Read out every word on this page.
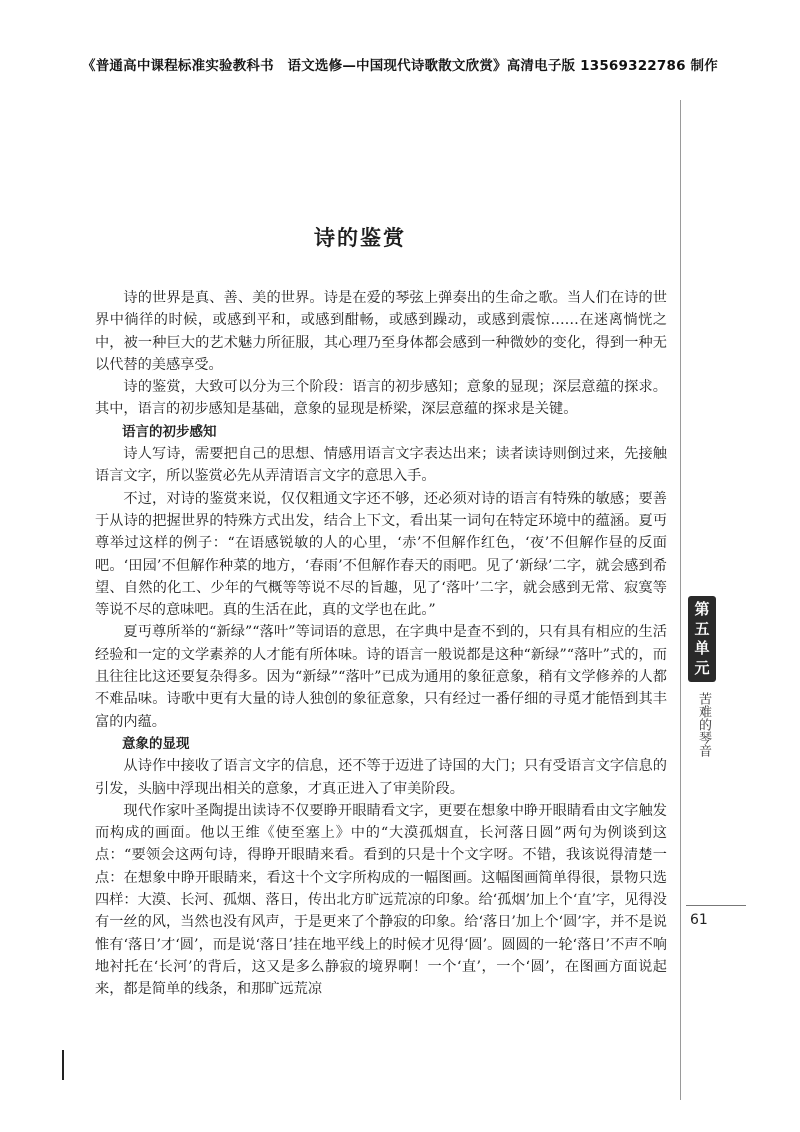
《普通高中课程标准实验教科书　语文选修—中国现代诗歌散文欣赏》高清电子版 13569322786 制作
诗的鉴赏

诗的世界是真、善、美的世界。诗是在爱的琴弦上弹奏出的生命之歌。当人们在诗的世界中徜徉的时候，或感到平和，或感到酣畅，或感到躁动，或感到震惊……在迷离惝恍之中，被一种巨大的艺术魅力所征服，其心理乃至身体都会感到一种微妙的变化，得到一种无以代替的美感享受。

诗的鉴赏，大致可以分为三个阶段：语言的初步感知；意象的显现；深层意蕴的探求。其中，语言的初步感知是基础，意象的显现是桥梁，深层意蕴的探求是关键。

语言的初步感知

诗人写诗，需要把自己的思想、情感用语言文字表达出来；读者读诗则倒过来，先接触语言文字，所以鉴赏必先从弄清语言文字的意思入手。

不过，对诗的鉴赏来说，仅仅粗通文字还不够，还必须对诗的语言有特殊的敏感；要善于从诗的把握世界的特殊方式出发，结合上下文，看出某一词句在特定环境中的蕴涵。夏丏尊举过这样的例子：“在语感锐敏的人的心里，‘赤’不但解作红色，‘夜’不但解作昼的反面吧。‘田园’不但解作种菜的地方，‘春雨’不但解作春天的雨吧。见了‘新绿’二字，就会感到希望、自然的化工、少年的气概等等说不尽的旨趣，见了‘落叶’二字，就会感到无常、寂寞等等说不尽的意味吧。真的生活在此，真的文学也在此。”

夏丏尊所举的“新绿”“落叶”等词语的意思，在字典中是查不到的，只有具有相应的生活经验和一定的文学素养的人才能有所体味。诗的语言一般说都是这种“新绿”“落叶”式的，而且往往比这还要复杂得多。因为“新绿”“落叶”已成为通用的象征意象，稍有文学修养的人都不难品味。诗歌中更有大量的诗人独创的象征意象，只有经过一番仔细的寻觅才能悟到其丰富的内蕴。

意象的显现

从诗作中接收了语言文字的信息，还不等于迈进了诗国的大门；只有受语言文字信息的引发，头脑中浮现出相关的意象，才真正进入了审美阶段。

现代作家叶圣陶提出读诗不仅要睁开眼睛看文字，更要在想象中睁开眼睛看由文字触发而构成的画面。他以王维《使至塞上》中的“大漠孤烟直，长河落日圆”两句为例谈到这点：“要领会这两句诗，得睁开眼睛来看。看到的只是十个文字呀。不错，我该说得清楚一点：在想象中睁开眼睛来，看这十个文字所构成的一幅图画。这幅图画简单得很，景物只选四样：大漠、长河、孤烟、落日，传出北方旷远荒凉的印象。给‘孤烟’加上个‘直’字，见得没有一丝的风，当然也没有风声，于是更来了个静寂的印象。给‘落日’加上个‘圆’字，并不是说惟有‘落日’才‘圆’，而是说‘落日’挂在地平线上的时候才见得‘圆’。圆圆的一轮‘落日’不声不响地衬托在‘长河’的背后，这又是多么静寂的境界啊！一个‘直’，一个‘圆’，在图画方面说起来，都是简单的线条，和那旷远荒凉

第
五
单
元
苦难的琴音
61
